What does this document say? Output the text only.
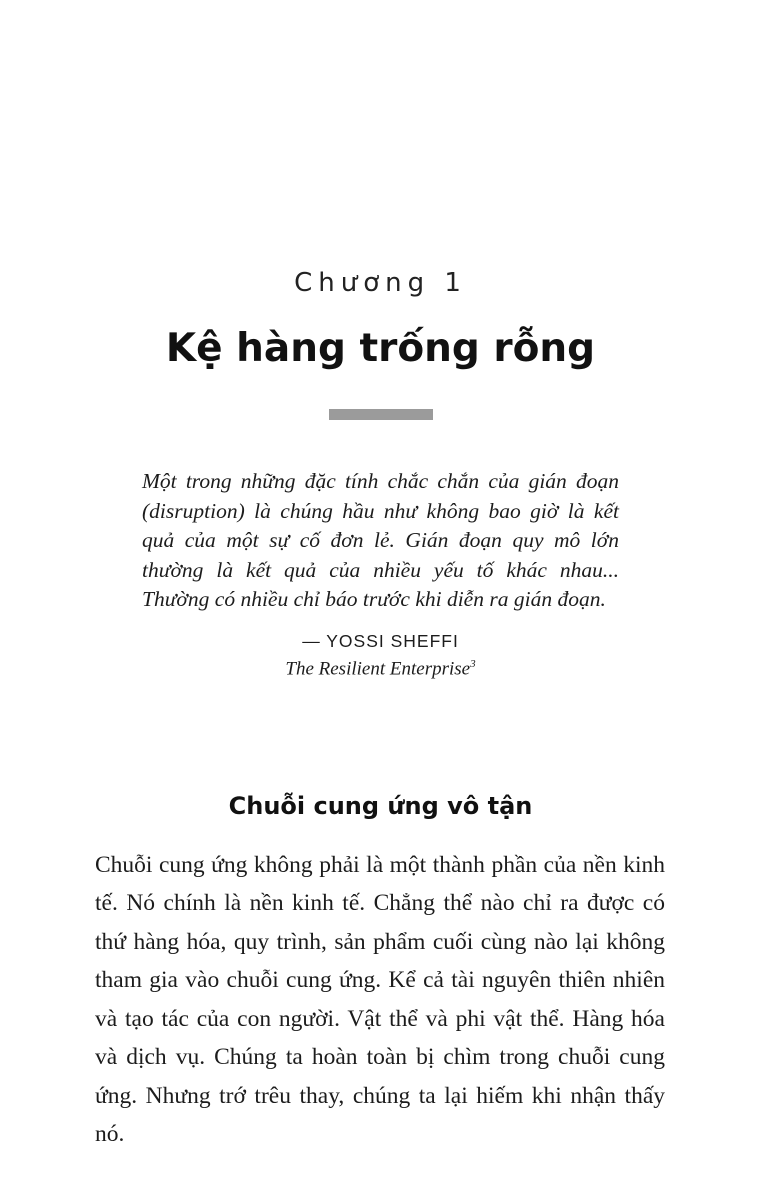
Chương 1
Kệ hàng trống rỗng

Một trong những đặc tính chắc chắn của gián đoạn (disruption) là chúng hầu như không bao giờ là kết quả của một sự cố đơn lẻ. Gián đoạn quy mô lớn thường là kết quả của nhiều yếu tố khác nhau... Thường có nhiều chỉ báo trước khi diễn ra gián đoạn.

— YOSSI SHEFFI
The Resilient Enterprise$^3$
Chuỗi cung ứng vô tận

Chuỗi cung ứng không phải là một thành phần của nền kinh tế. Nó chính là nền kinh tế. Chẳng thể nào chỉ ra được có thứ hàng hóa, quy trình, sản phẩm cuối cùng nào lại không tham gia vào chuỗi cung ứng. Kể cả tài nguyên thiên nhiên và tạo tác của con người. Vật thể và phi vật thể. Hàng hóa và dịch vụ. Chúng ta hoàn toàn bị chìm trong chuỗi cung ứng. Nhưng trớ trêu thay, chúng ta lại hiếm khi nhận thấy nó.
